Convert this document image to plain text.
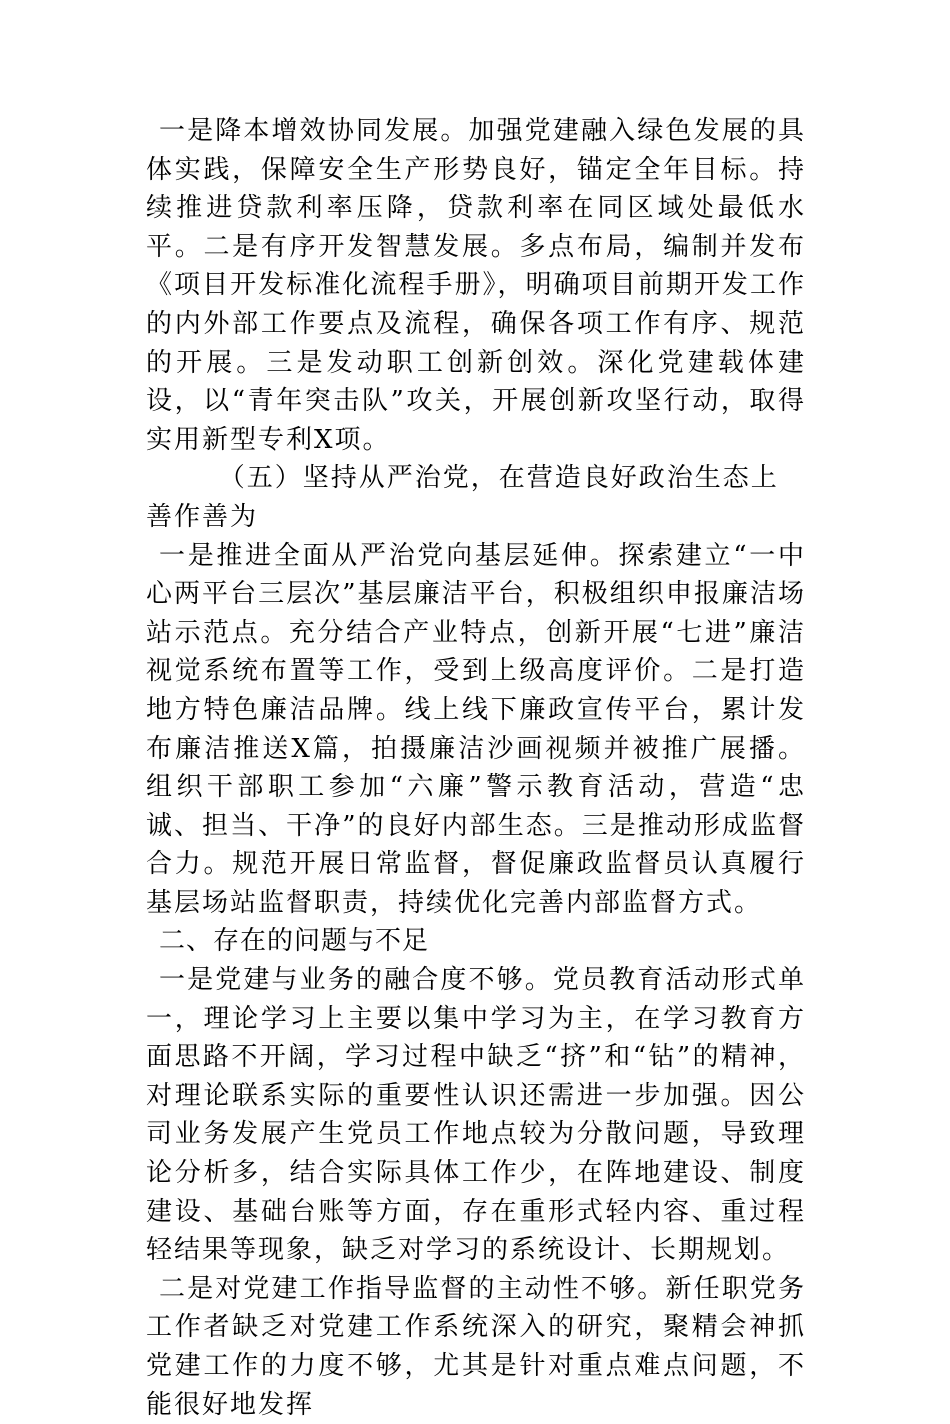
一是降本增效协同发展。加强党建融入绿色发展的具体实践，保障安全生产形势良好，锚定全年目标。持续推进贷款利率压降，贷款利率在同区域处最低水平。二是有序开发智慧发展。多点布局，编制并发布《项目开发标准化流程手册》，明确项目前期开发工作的内外部工作要点及流程，确保各项工作有序、规范的开展。三是发动职工创新创效。深化党建载体建设，以“青年突击队”攻关，开展创新攻坚行动，取得实用新型专利X项。

（五）坚持从严治党，在营造良好政治生态上善作善为

一是推进全面从严治党向基层延伸。探索建立“一中心两平台三层次”基层廉洁平台，积极组织申报廉洁场站示范点。充分结合产业特点，创新开展“七进”廉洁视觉系统布置等工作，受到上级高度评价。二是打造地方特色廉洁品牌。线上线下廉政宣传平台，累计发布廉洁推送X篇，拍摄廉洁沙画视频并被推广展播。组织干部职工参加“六廉”警示教育活动，营造“忠诚、担当、干净”的良好内部生态。三是推动形成监督合力。规范开展日常监督，督促廉政监督员认真履行基层场站监督职责，持续优化完善内部监督方式。

二、存在的问题与不足

一是党建与业务的融合度不够。党员教育活动形式单一，理论学习上主要以集中学习为主，在学习教育方面思路不开阔，学习过程中缺乏“挤”和“钻”的精神，对理论联系实际的重要性认识还需进一步加强。因公司业务发展产生党员工作地点较为分散问题，导致理论分析多，结合实际具体工作少，在阵地建设、制度建设、基础台账等方面，存在重形式轻内容、重过程轻结果等现象，缺乏对学习的系统设计、长期规划。

二是对党建工作指导监督的主动性不够。新任职党务工作者缺乏对党建工作系统深入的研究，聚精会神抓党建工作的力度不够，尤其是针对重点难点问题，不能很好地发挥
